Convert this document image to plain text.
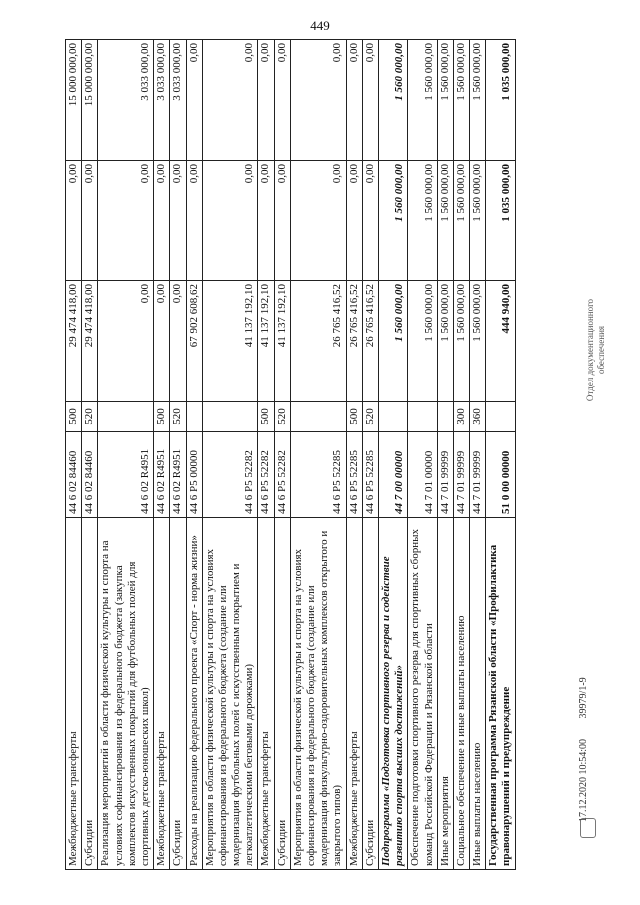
449
Межбюджетные трансферты	44 6 02 84460	500	29 474 418,00	0,00	15 000 000,00
Субсидии	44 6 02 84460	520	29 474 418,00	0,00	15 000 000,00
Реализация мероприятий в области физической культуры и спорта на условиях софинансирования из федерального бюджета (закупка комплектов искусственных покрытий для футбольных полей для спортивных детско-юношеских школ)	44 6 02 R4951		0,00	0,00	3 033 000,00
Межбюджетные трансферты	44 6 02 R4951	500	0,00	0,00	3 033 000,00
Субсидии	44 6 02 R4951	520	0,00	0,00	3 033 000,00
Расходы на реализацию федерального проекта «Спорт - норма жизни»	44 6 P5 00000		67 902 608,62	0,00	0,00
Мероприятия в области физической культуры и спорта на условиях софинансирования из федерального бюджета (создание или модернизация футбольных полей с искусственным покрытием и легкоатлетическими беговыми дорожками)	44 6 P5 52282		41 137 192,10	0,00	0,00
Межбюджетные трансферты	44 6 P5 52282	500	41 137 192,10	0,00	0,00
Субсидии	44 6 P5 52282	520	41 137 192,10	0,00	0,00
Мероприятия в области физической культуры и спорта на условиях софинансирования из федерального бюджета (создание или модернизация физкультурно-оздоровительных комплексов открытого и закрытого типов)	44 6 P5 52285		26 765 416,52	0,00	0,00
Межбюджетные трансферты	44 6 P5 52285	500	26 765 416,52	0,00	0,00
Субсидии	44 6 P5 52285	520	26 765 416,52	0,00	0,00
Подпрограмма «Подготовка спортивного резерва и содействие развитию спорта высших достижений»	44 7 00 00000		1 560 000,00	1 560 000,00	1 560 000,00
Обеспечение подготовки спортивного резерва для спортивных сборных команд Российской Федерации и Рязанской области	44 7 01 00000		1 560 000,00	1 560 000,00	1 560 000,00
Иные мероприятия	44 7 01 99999		1 560 000,00	1 560 000,00	1 560 000,00
Социальное обеспечение и иные выплаты населению	44 7 01 99999	300	1 560 000,00	1 560 000,00	1 560 000,00
Иные выплаты населению	44 7 01 99999	360	1 560 000,00	1 560 000,00	1 560 000,00
Государственная программа Рязанской области «Профилактика правонарушений и предупреждение	51 0 00 00000		444 940,00	1 035 000,00	1 035 000,00
17.12.2020 10:54:00 39979/1-9
Отдел документационного обеспечения
